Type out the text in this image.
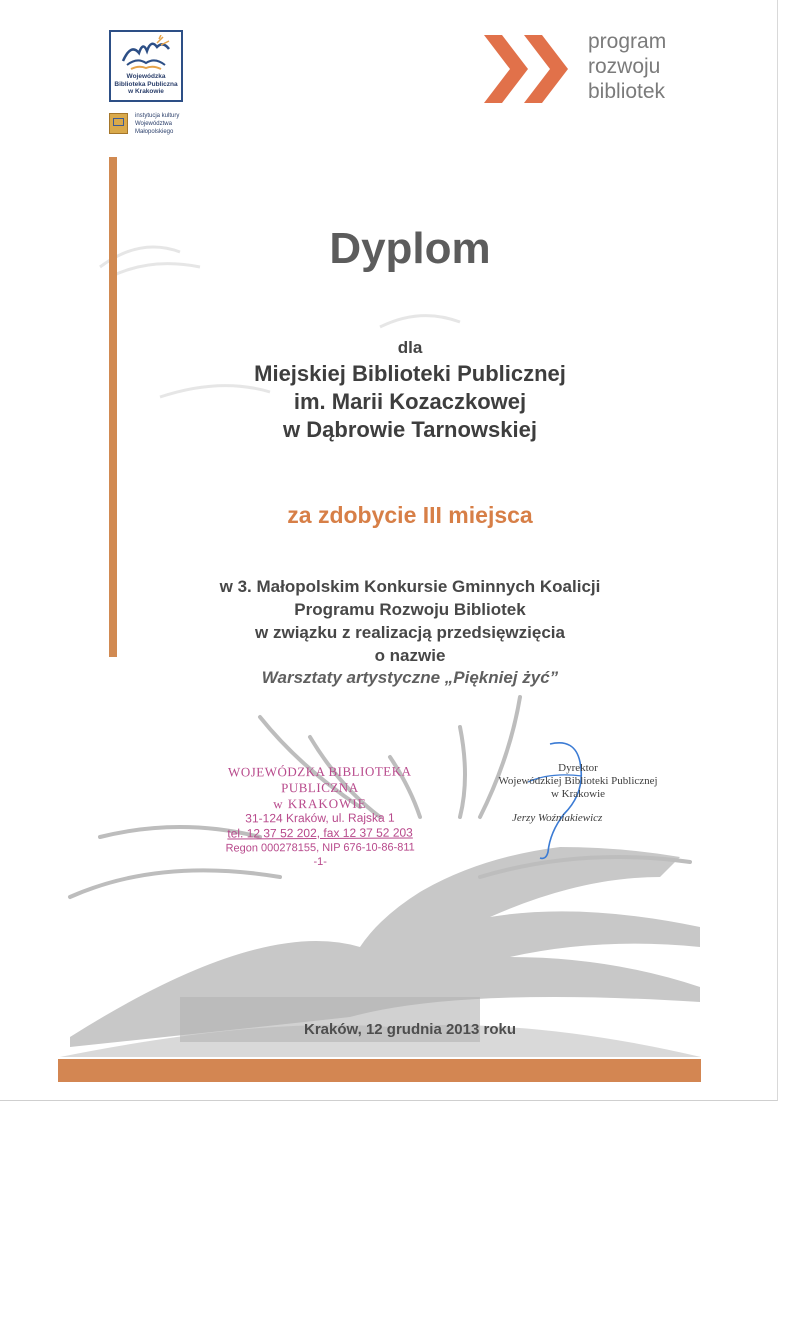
Wojewódzka
Biblioteka Publiczna
w Krakowie
instytucja kultury
Województwa
Małopolskiego
program
rozwoju
bibliotek
Dyplom
dla
Miejskiej Biblioteki Publicznej
im. Marii Kozaczkowej
w Dąbrowie Tarnowskiej
za zdobycie III miejsca
w 3. Małopolskim Konkursie Gminnych Koalicji
Programu Rozwoju Bibliotek
w związku z realizacją przedsięwzięcia
o nazwie
Warsztaty artystyczne „Piękniej żyć”
WOJEWÓDZKA BIBLIOTEKA PUBLICZNA
w KRAKOWIE
31-124 Kraków, ul. Rajska 1
tel. 12 37 52 202, fax 12 37 52 203
Regon 000278155, NIP 676-10-86-811
-1-
Dyrektor
Wojewódzkiej Biblioteki Publicznej
w Krakowie
Jerzy Woźniakiewicz
Kraków, 12 grudnia 2013 roku
